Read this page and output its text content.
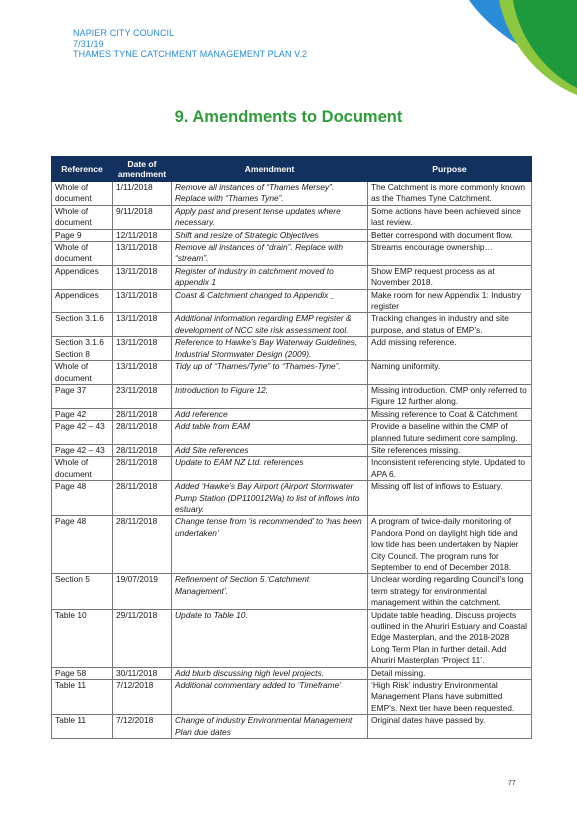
NAPIER CITY COUNCIL
7/31/19
THAMES TYNE CATCHMENT MANAGEMENT PLAN V.2
9. Amendments to Document
Reference	Date of amendment	Amendment	Purpose
Whole of document	1/11/2018	Remove all instances of “Thames Mersey”. Replace with “Thames Tyne”.	The Catchment is more commonly known as the Thames Tyne Catchment.
Whole of document	9/11/2018	Apply past and present tense updates where necessary.	Some actions have been achieved since last review.
Page 9	12/11/2018	Shift and resize of Strategic Objectives	Better correspond with document flow.
Whole of document	13/11/2018	Remove all instances of “drain”. Replace with “stream”.	Streams encourage ownership…
Appendices	13/11/2018	Register of industry in catchment moved to appendix 1	Show EMP request process as at November 2018.
Appendices	13/11/2018	Coast & Catchment changed to Appendix _	Make room for new Appendix 1: Industry register
Section 3.1.6	13/11/2018	Additional information regarding EMP register & development of NCC site risk assessment tool.	Tracking changes in industry and site purpose, and status of EMP’s.
Section 3.1.6 Section 8	13/11/2018	Reference to Hawke’s Bay Waterway Guidelines, Industrial Stormwater Design (2009).	Add missing reference.
Whole of document	13/11/2018	Tidy up of “Thames/Tyne” to “Thames-Tyne”.	Naming uniformity.
Page 37	23/11/2018	Introduction to Figure 12.	Missing introduction. CMP only referred to Figure 12 further along.
Page 42	28/11/2018	Add reference	Missing reference to Coat & Catchment
Page 42 – 43	28/11/2018	Add table from EAM	Provide a baseline within the CMP of planned future sediment core sampling.
Page 42 – 43	28/11/2018	Add Site references	Site references missing.
Whole of document	28/11/2018	Update to EAM NZ Ltd. references	Inconsistent referencing style. Updated to APA 6.
Page 48	28/11/2018	Added ‘Hawke’s Bay Airport (Airport Stormwater Pump Station (DP110012Wa) to list of inflows into estuary.	Missing off list of inflows to Estuary.
Page 48	28/11/2018	Change tense from ‘is recommended’ to ‘has been undertaken’	A program of twice-daily monitoring of Pandora Pond on daylight high tide and low tide has been undertaken by Napier City Council. The program runs for September to end of December 2018.
Section 5	19/07/2019	Refinement of Section 5 ‘Catchment Management’.	Unclear wording regarding Council’s long term strategy for environmental management within the catchment.
Table 10	29/11/2018	Update to Table 10.	Update table heading. Discuss projects outlined in the Ahuriri Estuary and Coastal Edge Masterplan, and the 2018-2028 Long Term Plan in further detail. Add Ahuriri Masterplan ‘Project 11’.
Page 58	30/11/2018	Add blurb discussing high level projects.	Detail missing.
Table 11	7/12/2018	Additional commentary added to ‘Timeframe’	‘High Risk’ industry Environmental Management Plans have submitted EMP’s. Next tier have been requested.
Table 11	7/12/2018	Change of industry Environmental Management Plan due dates	Original dates have passed by.
77
